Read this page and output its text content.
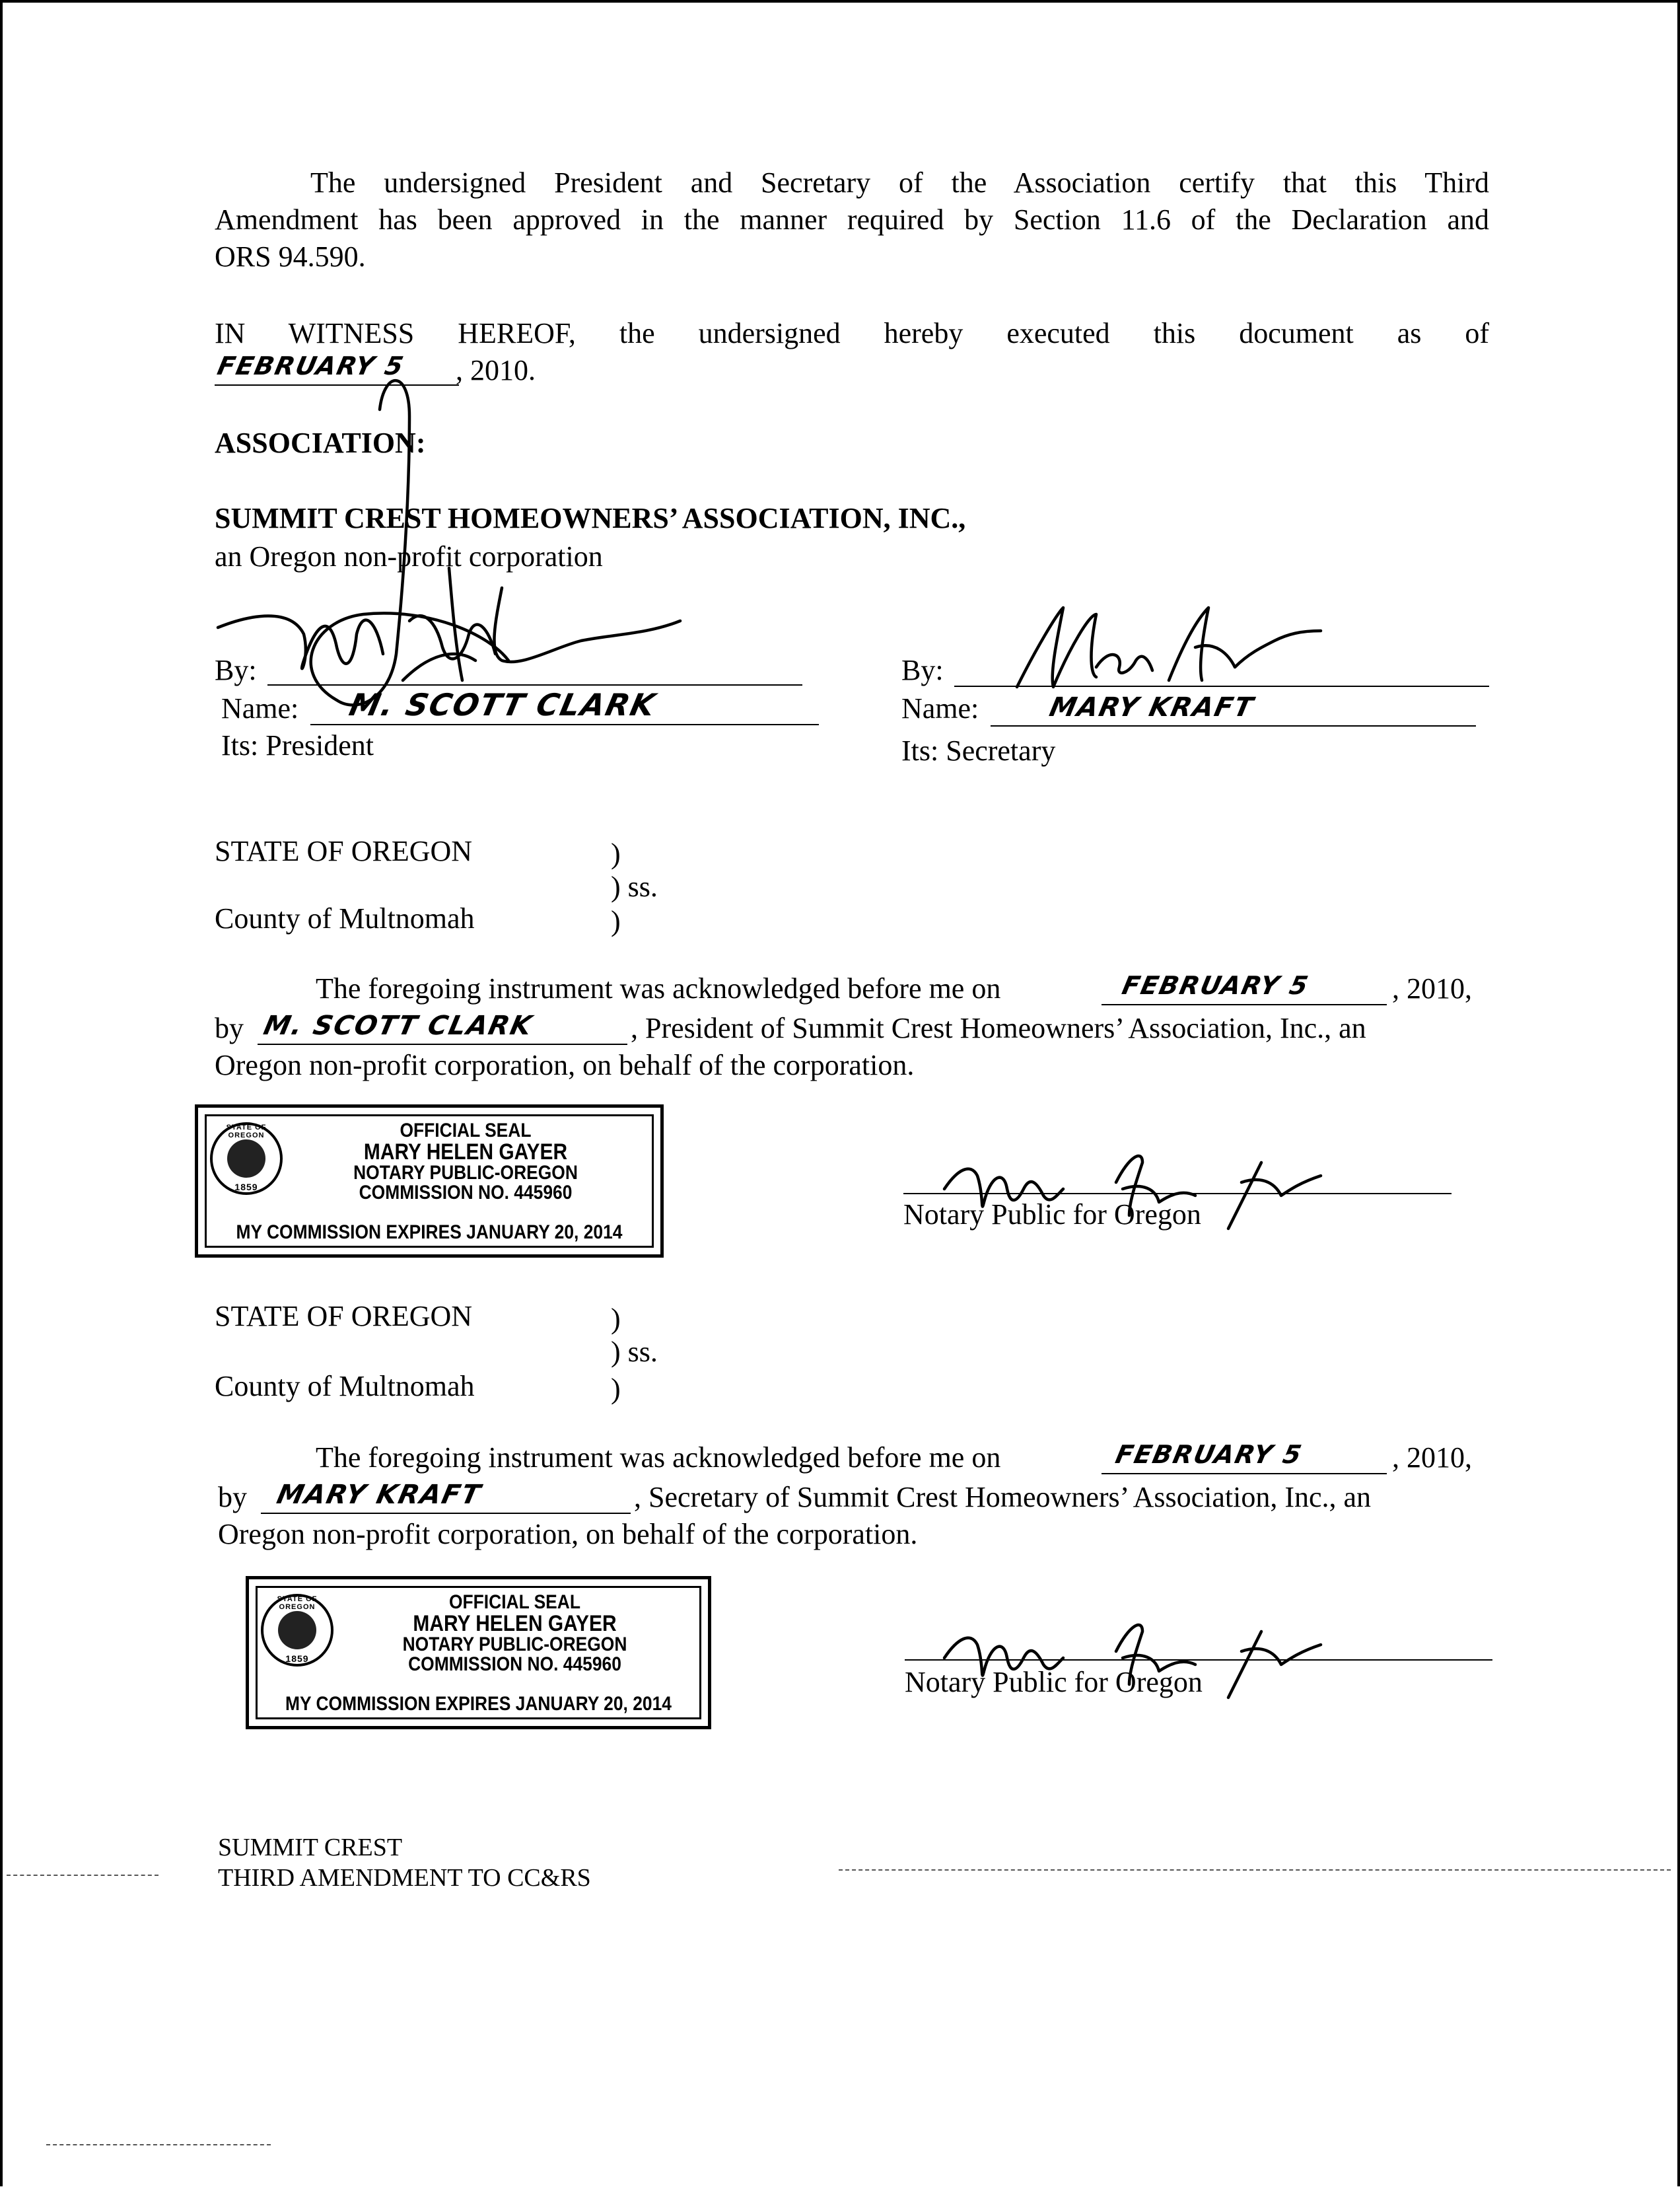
The undersigned President and Secretary of the Association certify that this Third
Amendment has been approved in the manner required by Section 11.6 of the Declaration and
ORS 94.590.
IN WITNESS HEREOF, the undersigned hereby executed this document as of
FEBRUARY 5 , 2010.
ASSOCIATION:
SUMMIT CREST HOMEOWNERS’ ASSOCIATION, INC.,
an Oregon non-profit corporation
By:
Name: M. SCOTT CLARK
Its: President
By:
Name:	MARY KRAFT
Its: Secretary
STATE OF OREGON	)
) ss.
County of Multnomah	)
The foregoing instrument was acknowledged before me on	FEBRUARY 5	, 2010,
by M. SCOTT CLARK	, President of Summit Crest Homeowners’ Association, Inc., an
Oregon non-profit corporation, on behalf of the corporation.
STATE OF OREGON
1859
OFFICIAL SEAL
MARY HELEN GAYER
NOTARY PUBLIC-OREGON
COMMISSION NO. 445960
MY COMMISSION EXPIRES JANUARY 20, 2014
Notary Public for Oregon
STATE OF OREGON	)
) ss.
County of Multnomah	)
The foregoing instrument was acknowledged before me on	FEBRUARY 5	, 2010,
by MARY KRAFT	, Secretary of Summit Crest Homeowners’ Association, Inc., an
Oregon non-profit corporation, on behalf of the corporation.
STATE OF OREGON
1859
OFFICIAL SEAL
MARY HELEN GAYER
NOTARY PUBLIC-OREGON
COMMISSION NO. 445960
MY COMMISSION EXPIRES JANUARY 20, 2014
Notary Public for Oregon
SUMMIT CREST
THIRD AMENDMENT TO CC&RS
